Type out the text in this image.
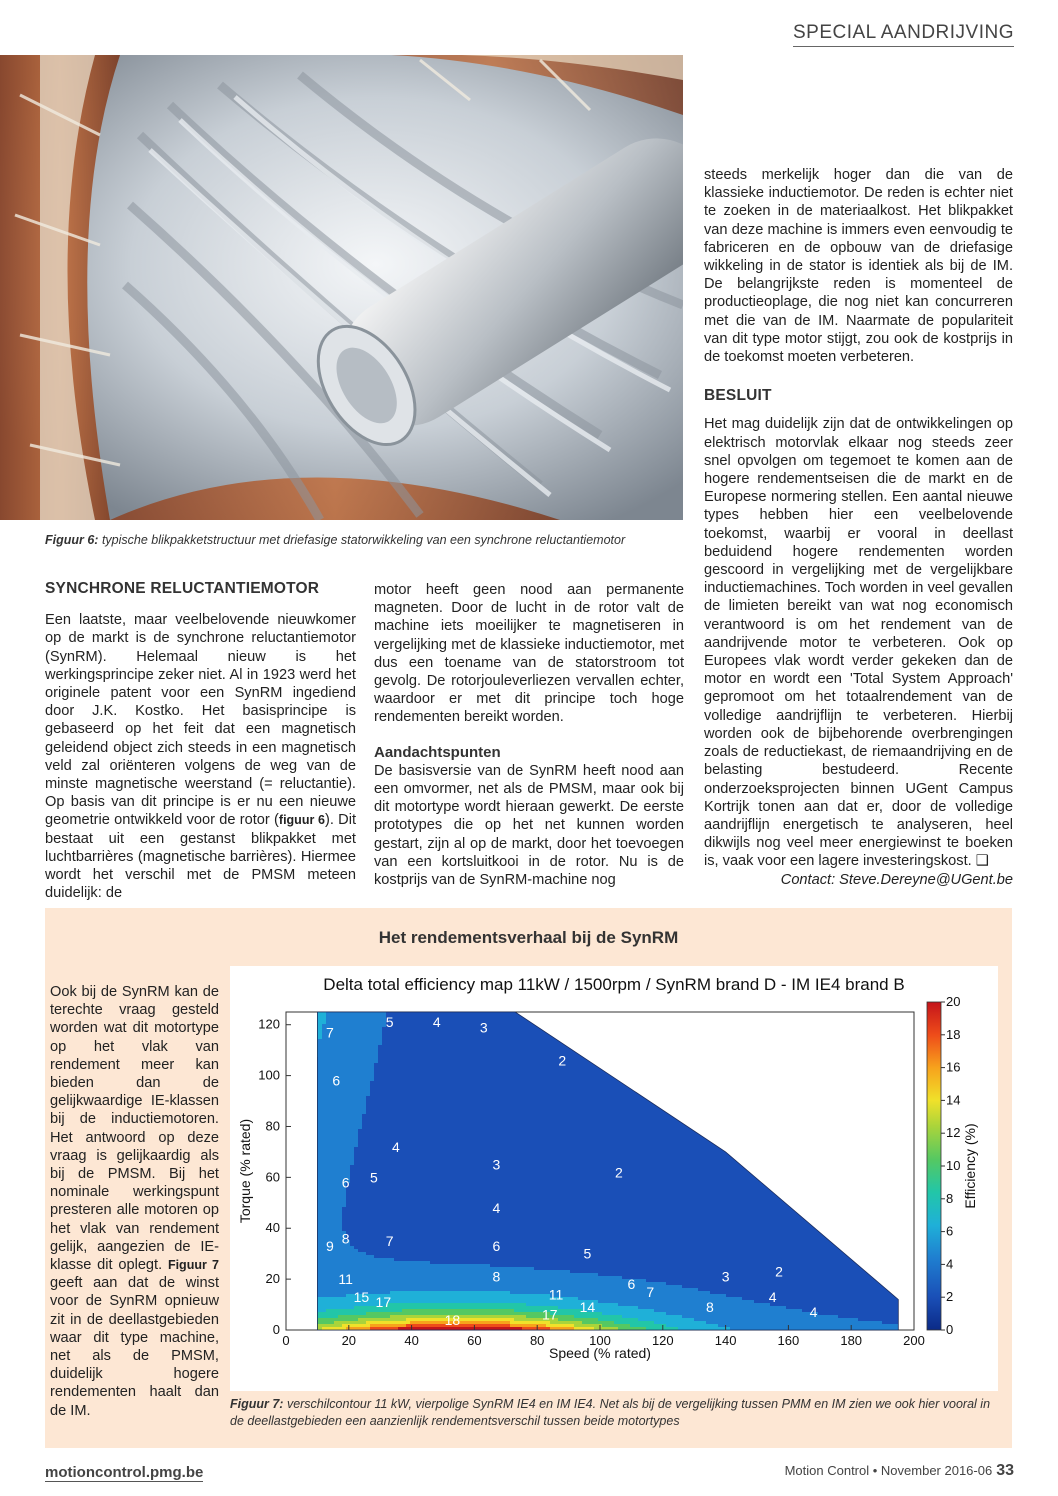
SPECIAL AANDRIJVING
Figuur 6: typische blikpakketstructuur met driefasige statorwikkeling van een synchrone reluctantiemotor

steeds merkelijk hoger dan die van de klassieke inductiemotor. De reden is echter niet te zoeken in de materiaalkost. Het blikpakket van deze machine is immers even eenvoudig te fabriceren en de opbouw van de driefasige wikkeling in de stator is identiek als bij de IM. De belangrijkste reden is momenteel de productieoplage, die nog niet kan concurreren met die van de IM. Naarmate de populariteit van dit type motor stijgt, zou ook de kostprijs in de toekomst moeten verbeteren.

BESLUIT

Het mag duidelijk zijn dat de ontwikkelingen op elektrisch motorvlak elkaar nog steeds zeer snel opvolgen om tegemoet te komen aan de hogere rendementseisen die de markt en de Europese normering stellen. Een aantal nieuwe types hebben hier een veelbelovende toekomst, waarbij er vooral in deellast beduidend hogere rendementen worden gescoord in vergelijking met de vergelijkbare inductiemachines. Toch worden in veel gevallen de limieten bereikt van wat nog economisch verantwoord is om het rendement van de aandrijvende motor te verbeteren. Ook op Europees vlak wordt verder gekeken dan de motor en wordt een 'Total System Approach' gepromoot om het totaalrendement van de volledige aandrijflijn te verbeteren. Hierbij worden ook de bijbehorende overbrengingen zoals de reductiekast, de riemaandrijving en de belasting bestudeerd. Recente onderzoeksprojecten binnen UGent Campus Kortrijk tonen aan dat er, door de volledige aandrijflijn energetisch te analyseren, heel dikwijls nog veel meer energiewinst te boeken is, vaak voor een lagere investeringskost. ❑

Contact: Steve.Dereyne@UGent.be
SYNCHRONE RELUCTANTIEMOTOR

Een laatste, maar veelbelovende nieuwkomer op de markt is de synchrone reluctantiemotor (SynRM). Helemaal nieuw is het werkingsprincipe zeker niet. Al in 1923 werd het originele patent voor een SynRM ingediend door J.K. Kostko. Het basisprincipe is gebaseerd op het feit dat een magnetisch geleidend object zich steeds in een magnetisch veld zal oriënteren volgens de weg van de minste magnetische weerstand (= reluctantie). Op basis van dit principe is er nu een nieuwe geometrie ontwikkeld voor de rotor (figuur 6). Dit bestaat uit een gestanst blikpakket met luchtbarrières (magnetische barrières). Hiermee wordt het verschil met de PMSM meteen duidelijk: de

motor heeft geen nood aan permanente magneten. Door de lucht in de rotor valt de machine iets moeilijker te magnetiseren in vergelijking met de klassieke inductiemotor, met dus een toename van de statorstroom tot gevolg. De rotorjouleverliezen vervallen echter, waardoor er met dit principe toch hoge rendementen bereikt worden.

Aandachtspunten

De basisversie van de SynRM heeft nood aan een omvormer, net als de PMSM, maar ook bij dit motortype wordt hieraan gewerkt. De eerste prototypes die op het net kunnen worden gestart, zijn al op de markt, door het toevoegen van een kortsluitkooi in de rotor. Nu is de kostprijs van de SynRM-machine nog

Het rendementsverhaal bij de SynRM

Ook bij de SynRM kan de terechte vraag gesteld worden wat dit motortype op het vlak van rendement meer kan bieden dan de gelijkwaardige IE-klassen bij de inductiemotoren. Het antwoord op deze vraag is gelijkaardig als bij de PMSM. Bij het nominale werkingspunt presteren alle motoren op het vlak van rendement gelijk, aangezien de IE-klasse dit oplegt. Figuur 7 geeft aan dat de winst voor de SynRM opnieuw zit in de deellastgebieden waar dit type machine, net als de PMSM, duidelijk hogere rendementen haalt dan de IM.

Delta total efficiency map 11kW / 1500rpm / SynRM brand D - IM IE4 brand B
0	20	40	60	80	100	120	140	160	180	200
0
20
40
60
80
100
120
7
5	4	3
2
6
4
3	2
6 5
4
8
9	7	6	5
8
11	3	2
6 7
11
15 17	14	8
4
17
18	4
Speed (% rated)
Torque (% rated)
0
2
4
6
8
10
12
14
16
18
20
Efficiency (%)
Figuur 7: verschilcontour 11 kW, vierpolige SynRM IE4 en IM IE4. Net als bij de vergelijking tussen PMM en IM zien we ook hier vooral in de deellastgebieden een aanzienlijk rendementsverschil tussen beide motortypes
motioncontrol.pmg.be	Motion Control • November 2016-06 33
